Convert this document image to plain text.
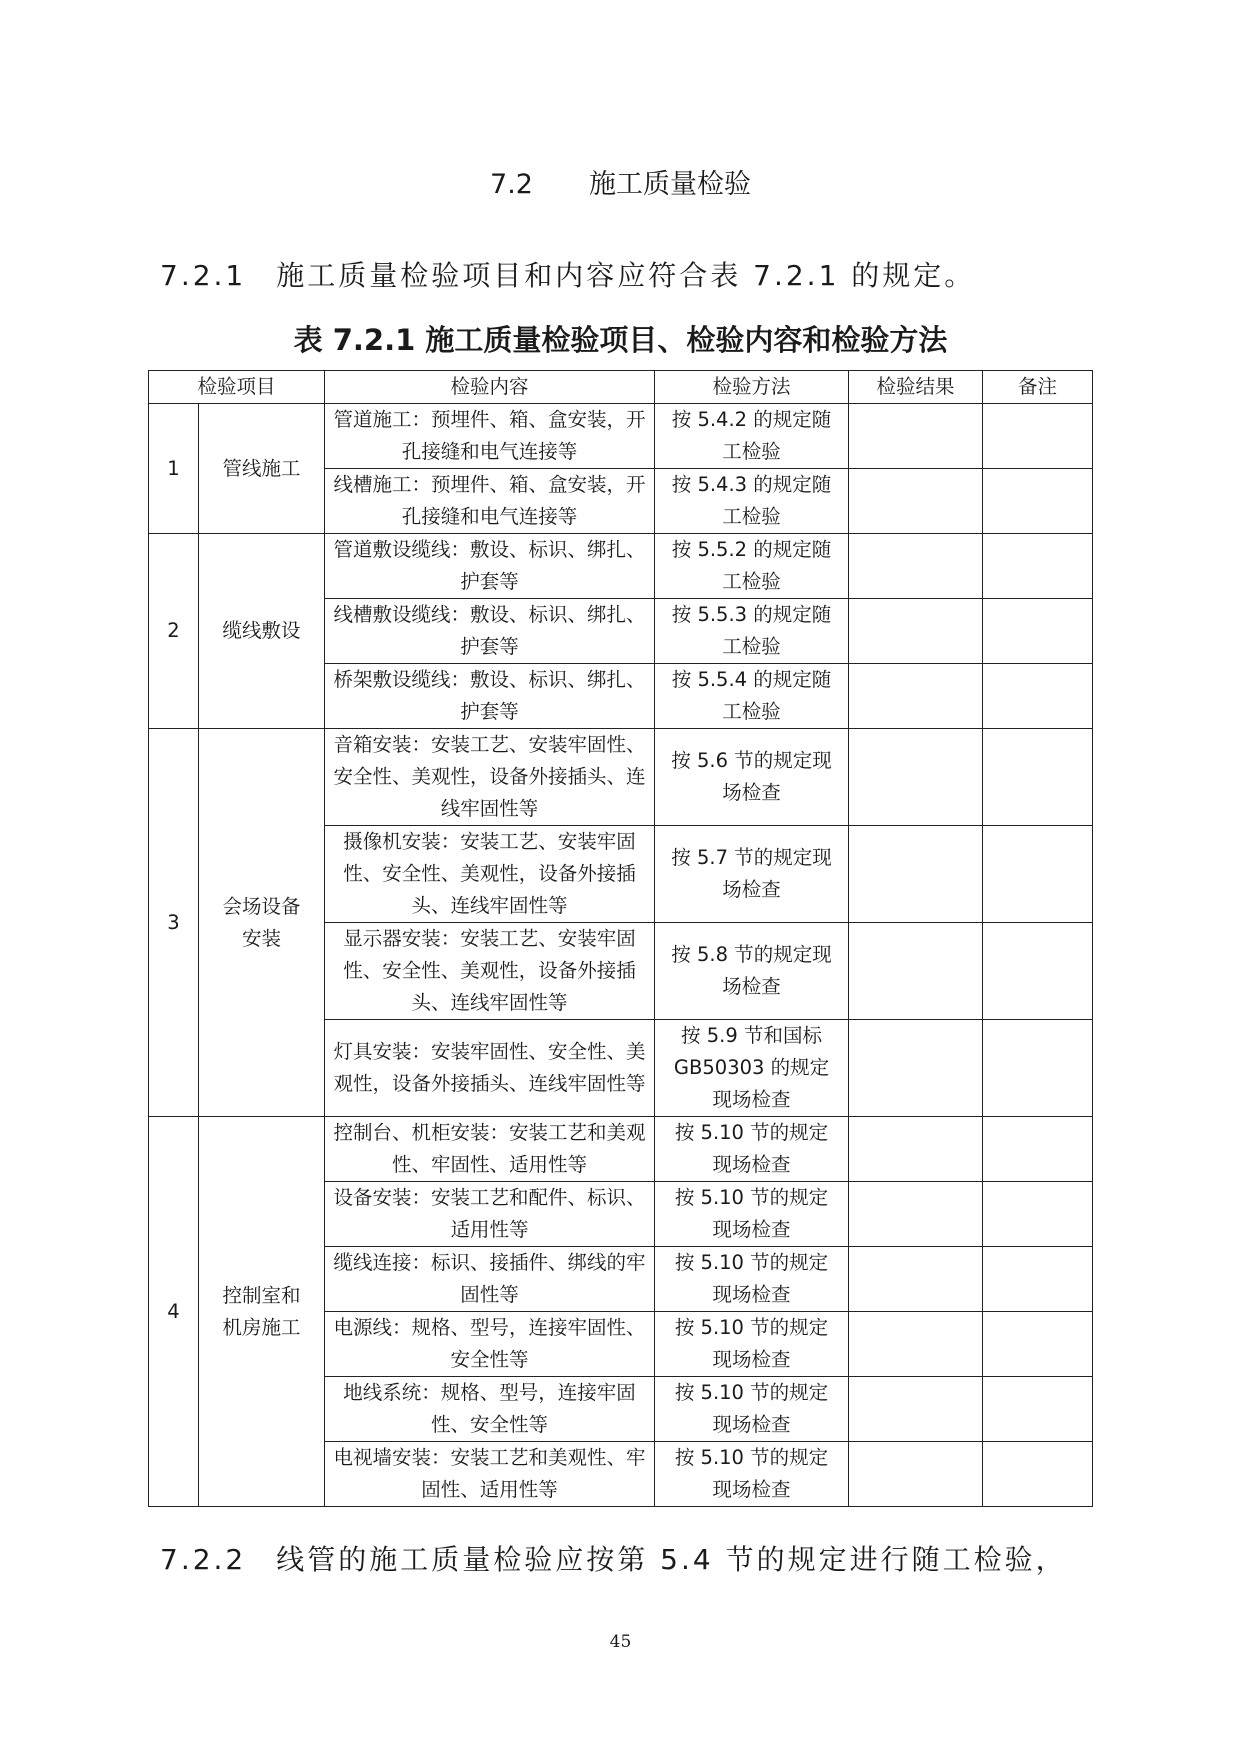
7.2 施工质量检验
7.2.1 施工质量检验项目和内容应符合表 7.2.1 的规定。
表 7.2.1 施工质量检验项目、检验内容和检验方法
检验项目		检验内容	检验方法	检验结果	备注
1	管线施工	管道施工：预埋件、箱、盒安装，开孔接缝和电气连接等	按 5.4.2 的规定随工检验		
		线槽施工：预埋件、箱、盒安装，开孔接缝和电气连接等	按 5.4.3 的规定随工检验		
2	缆线敷设	管道敷设缆线：敷设、标识、绑扎、护套等	按 5.5.2 的规定随工检验		
		线槽敷设缆线：敷设、标识、绑扎、护套等	按 5.5.3 的规定随工检验		
		桥架敷设缆线：敷设、标识、绑扎、护套等	按 5.5.4 的规定随工检验		
3	会场设备安装	音箱安装：安装工艺、安装牢固性、安全性、美观性，设备外接插头、连线牢固性等	按 5.6 节的规定现场检查		
		摄像机安装：安装工艺、安装牢固性、安全性、美观性，设备外接插头、连线牢固性等	按 5.7 节的规定现场检查		
		显示器安装：安装工艺、安装牢固性、安全性、美观性，设备外接插头、连线牢固性等	按 5.8 节的规定现场检查		
		灯具安装：安装牢固性、安全性、美观性，设备外接插头、连线牢固性等	按 5.9 节和国标 GB50303 的规定现场检查		
4	控制室和机房施工	控制台、机柜安装：安装工艺和美观性、牢固性、适用性等	按 5.10 节的规定现场检查		
		设备安装：安装工艺和配件、标识、适用性等	按 5.10 节的规定现场检查		
		缆线连接：标识、接插件、绑线的牢固性等	按 5.10 节的规定现场检查		
		电源线：规格、型号，连接牢固性、安全性等	按 5.10 节的规定现场检查		
		地线系统：规格、型号，连接牢固性、安全性等	按 5.10 节的规定现场检查		
		电视墙安装：安装工艺和美观性、牢固性、适用性等	按 5.10 节的规定现场检查		
7.2.2 线管的施工质量检验应按第 5.4 节的规定进行随工检验，
45
